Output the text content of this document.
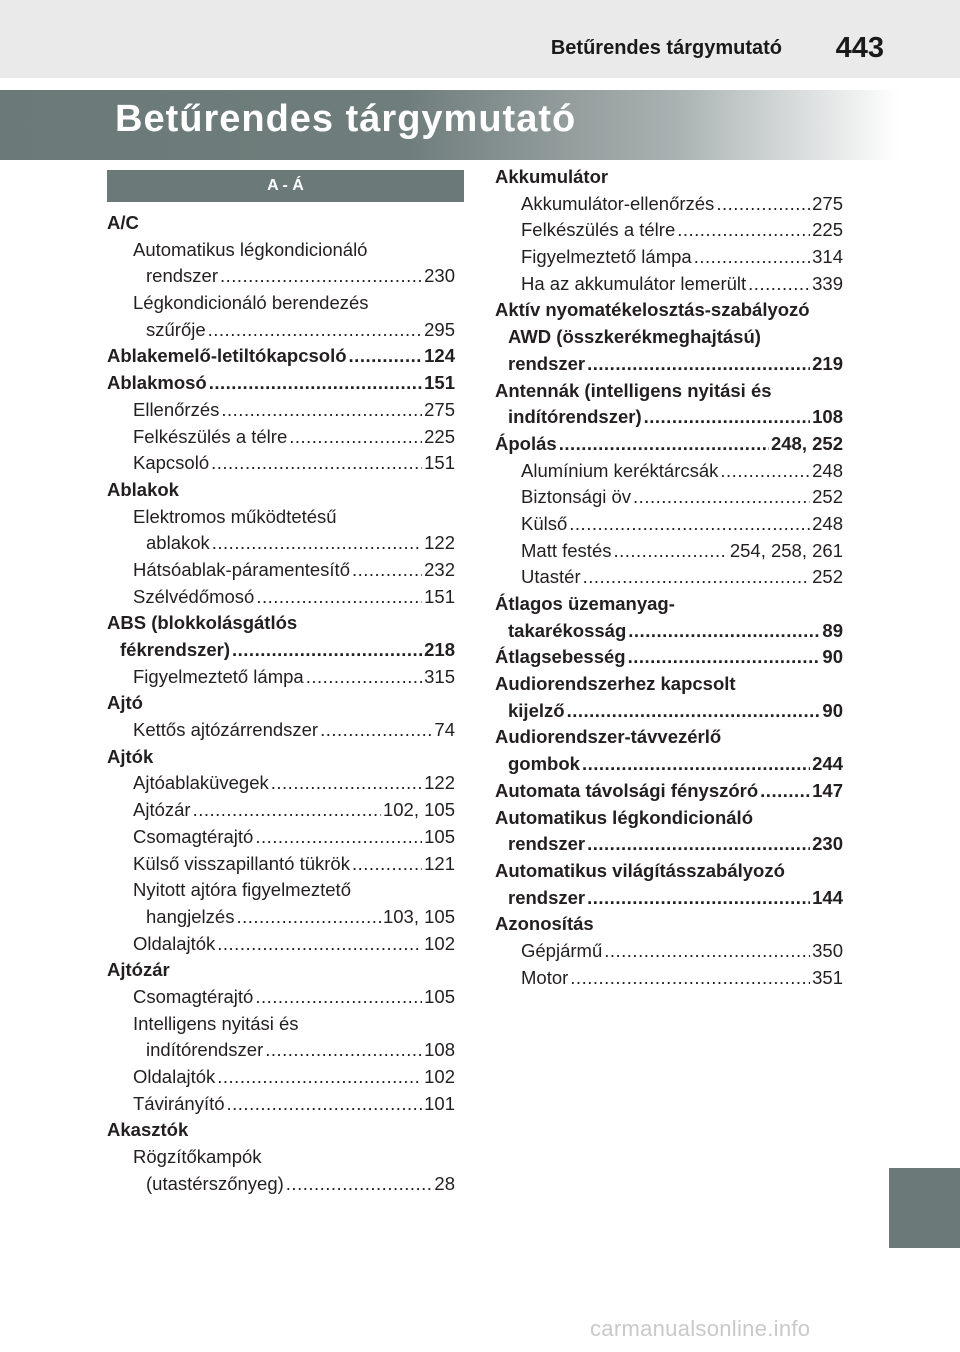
Betűrendes tárgymutató 443
Betűrendes tárgymutató
A - Á
A/C
Automatikus légkondicionáló
rendszer .....	230
Légkondicionáló berendezés
szűrője .....	295
Ablakemelő-letiltókapcsoló .....	124
Ablakmosó .....	151
Ellenőrzés .....	275
Felkészülés a télre .....	225
Kapcsoló .....	151
Ablakok
Elektromos működtetésű
ablakok .....	122
Hátsóablak-páramentesítő .....	232
Szélvédőmosó .....	151
ABS (blokkolásgátlós
fékrendszer) .....	218
Figyelmeztető lámpa .....	315
Ajtó
Kettős ajtózárrendszer .....	74
Ajtók
Ajtóablaküvegek .....	122
Ajtózár .....	102, 105
Csomagtérajtó .....	105
Külső visszapillantó tükrök .....	121
Nyitott ajtóra figyelmeztető
hangjelzés .....	103, 105
Oldalajtók .....	102
Ajtózár
Csomagtérajtó .....	105
Intelligens nyitási és
indítórendszer .....	108
Oldalajtók .....	102
Távirányító .....	101
Akasztók
Rögzítőkampók
(utastérszőnyeg) .....	28
Akkumulátor
Akkumulátor-ellenőrzés .....	275
Felkészülés a télre .....	225
Figyelmeztető lámpa .....	314
Ha az akkumulátor lemerült .....	339
Aktív nyomatékelosztás-szabályozó
AWD (összkerékmeghajtású)
rendszer .....	219
Antennák (intelligens nyitási és
indítórendszer) .....	108
Ápolás .....	248, 252
Alumínium keréktárcsák .....	248
Biztonsági öv .....	252
Külső .....	248
Matt festés .....	254, 258, 261
Utastér .....	252
Átlagos üzemanyag-
takarékosság .....	89
Átlagsebesség .....	90
Audiorendszerhez kapcsolt
kijelző .....	90
Audiorendszer-távvezérlő
gombok .....	244
Automata távolsági fényszóró .....	147
Automatikus légkondicionáló
rendszer .....	230
Automatikus világításszabályozó
rendszer .....	144
Azonosítás
Gépjármű .....	350
Motor .....	351
carmanualsonline.info
